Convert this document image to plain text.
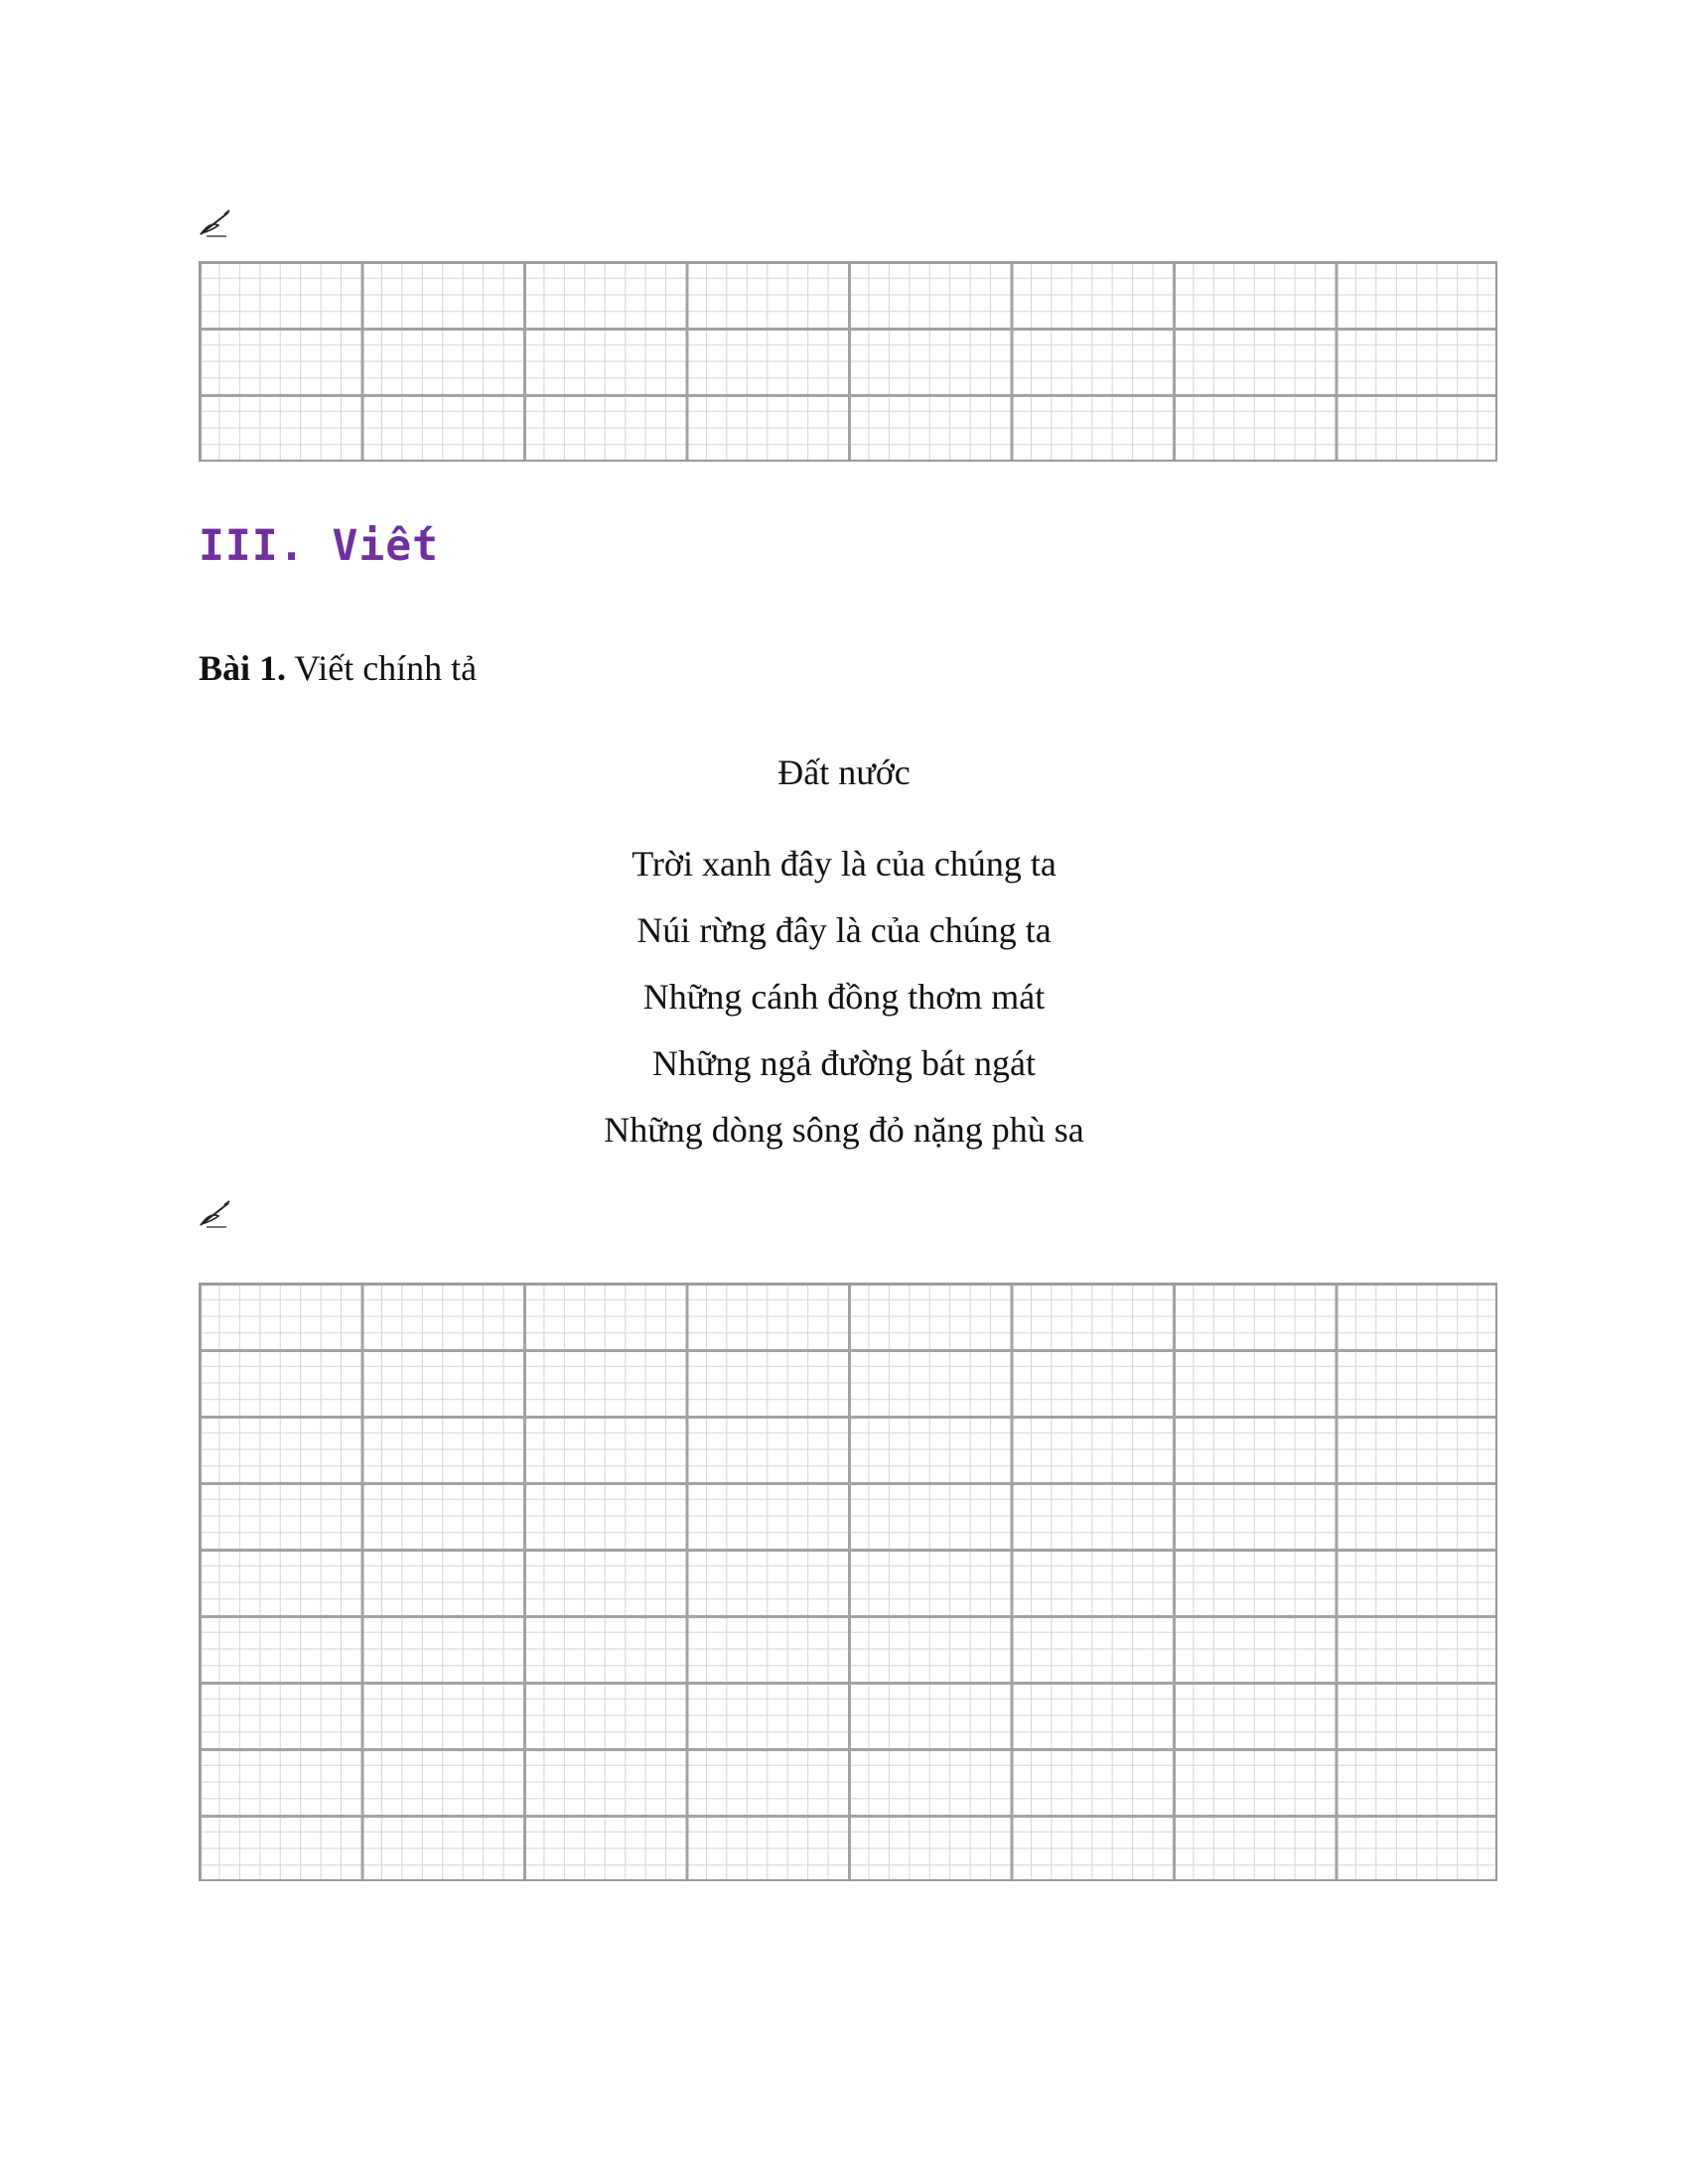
III. Viết

Bài 1. Viết chính tả

Đất nước

Trời xanh đây là của chúng ta
Núi rừng đây là của chúng ta
Những cánh đồng thơm mát
Những ngả đường bát ngát
Những dòng sông đỏ nặng phù sa
